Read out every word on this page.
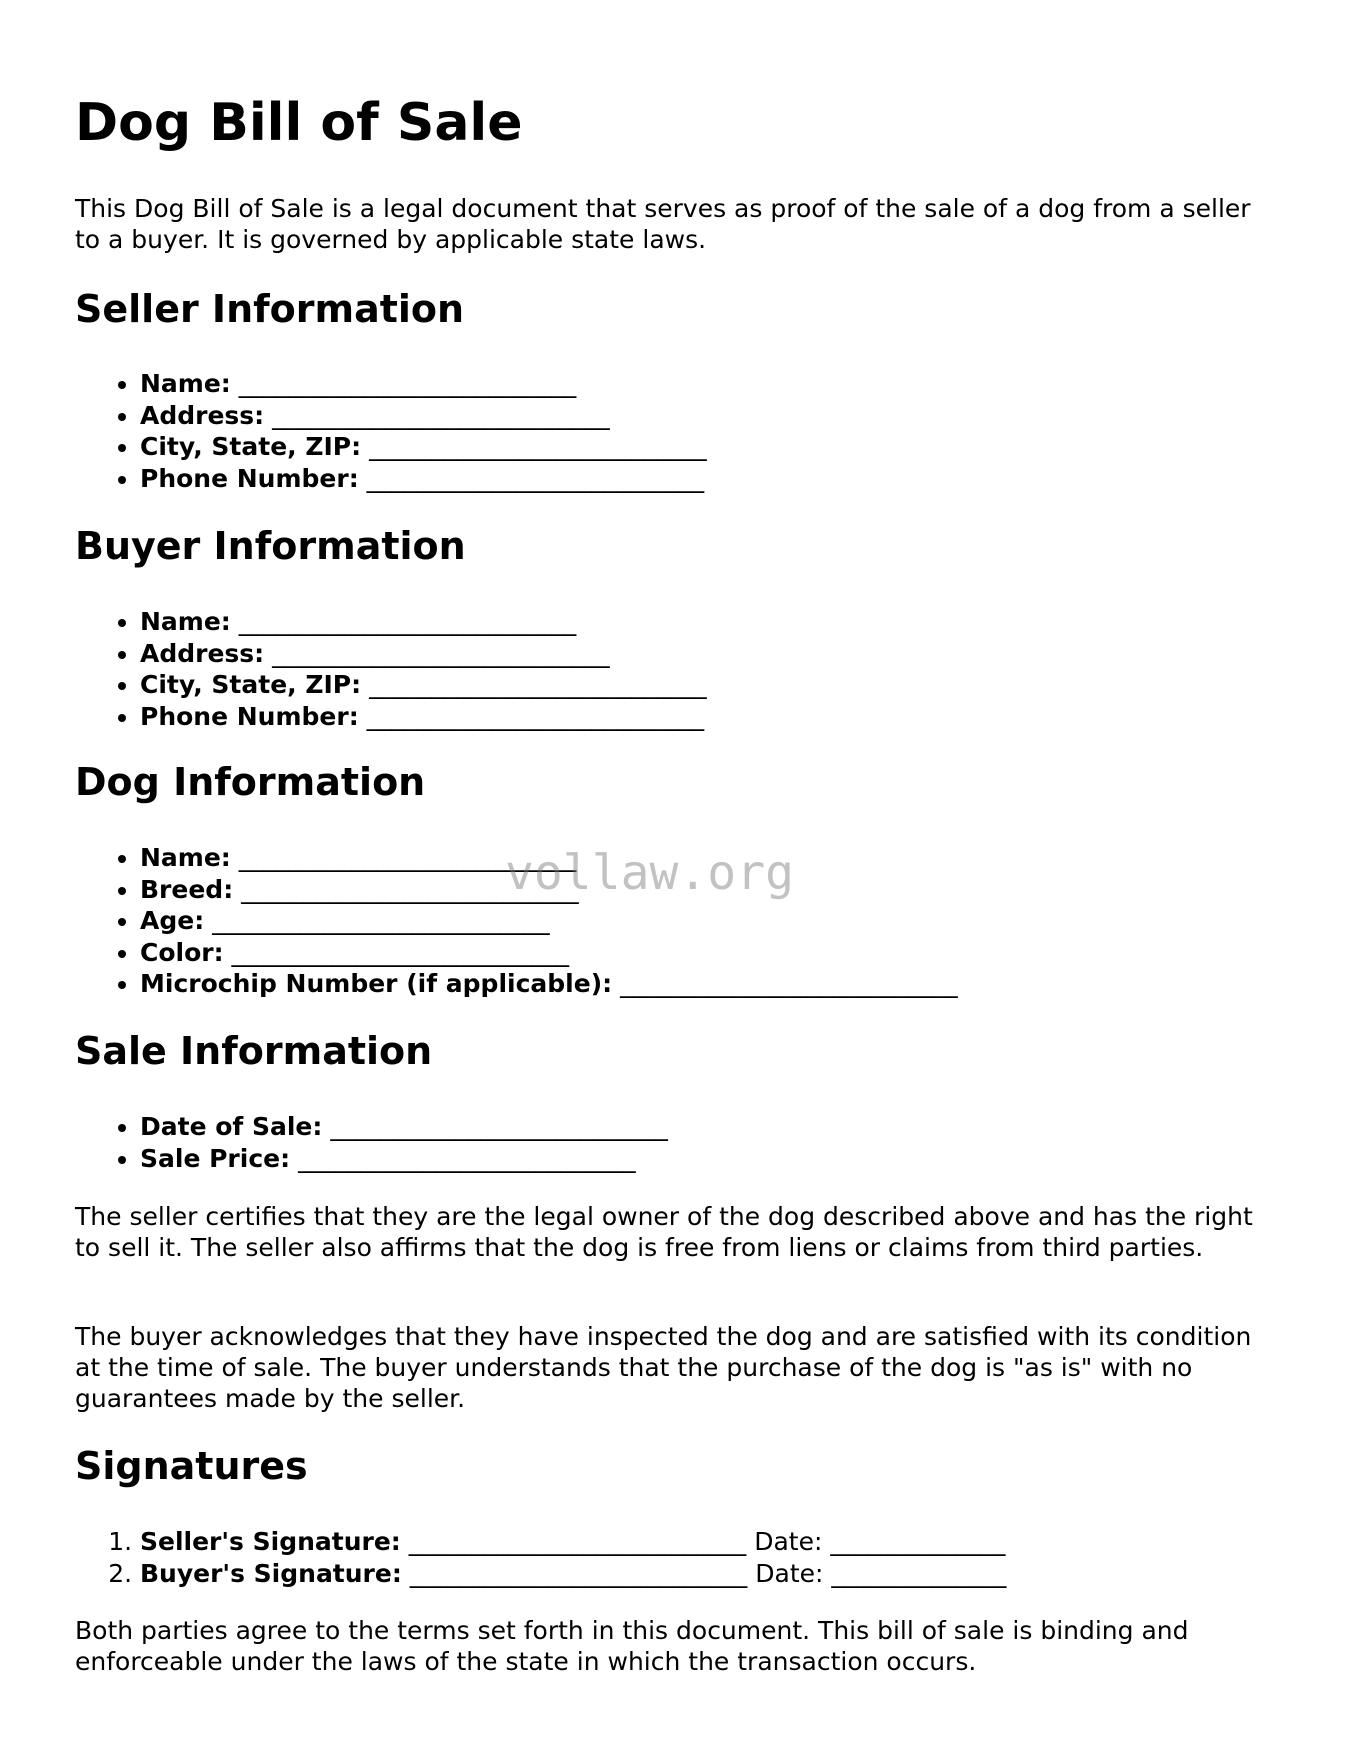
Dog Bill of Sale

This Dog Bill of Sale is a legal document that serves as proof of the sale of a dog from a seller to a buyer. It is governed by applicable state laws.

Seller Information
• Name: ___________________________
• Address: ___________________________
• City, State, ZIP: ___________________________
• Phone Number: ___________________________
Buyer Information
• Name: ___________________________
• Address: ___________________________
• City, State, ZIP: ___________________________
• Phone Number: ___________________________
Dog Information
• Name: ___________________________
• Breed: ___________________________
• Age: ___________________________
• Color: ___________________________
• Microchip Number (if applicable): ___________________________
Sale Information
• Date of Sale: ___________________________
• Sale Price: ___________________________

The seller certifies that they are the legal owner of the dog described above and has the right to sell it. The seller also affirms that the dog is free from liens or claims from third parties.

The buyer acknowledges that they have inspected the dog and are satisfied with its condition at the time of sale. The buyer understands that the purchase of the dog is "as is" with no guarantees made by the seller.

Signatures
1. Seller's Signature: ___________________________ Date: ______________
2. Buyer's Signature: ___________________________ Date: ______________

Both parties agree to the terms set forth in this document. This bill of sale is binding and enforceable under the laws of the state in which the transaction occurs.

vollaw.org
